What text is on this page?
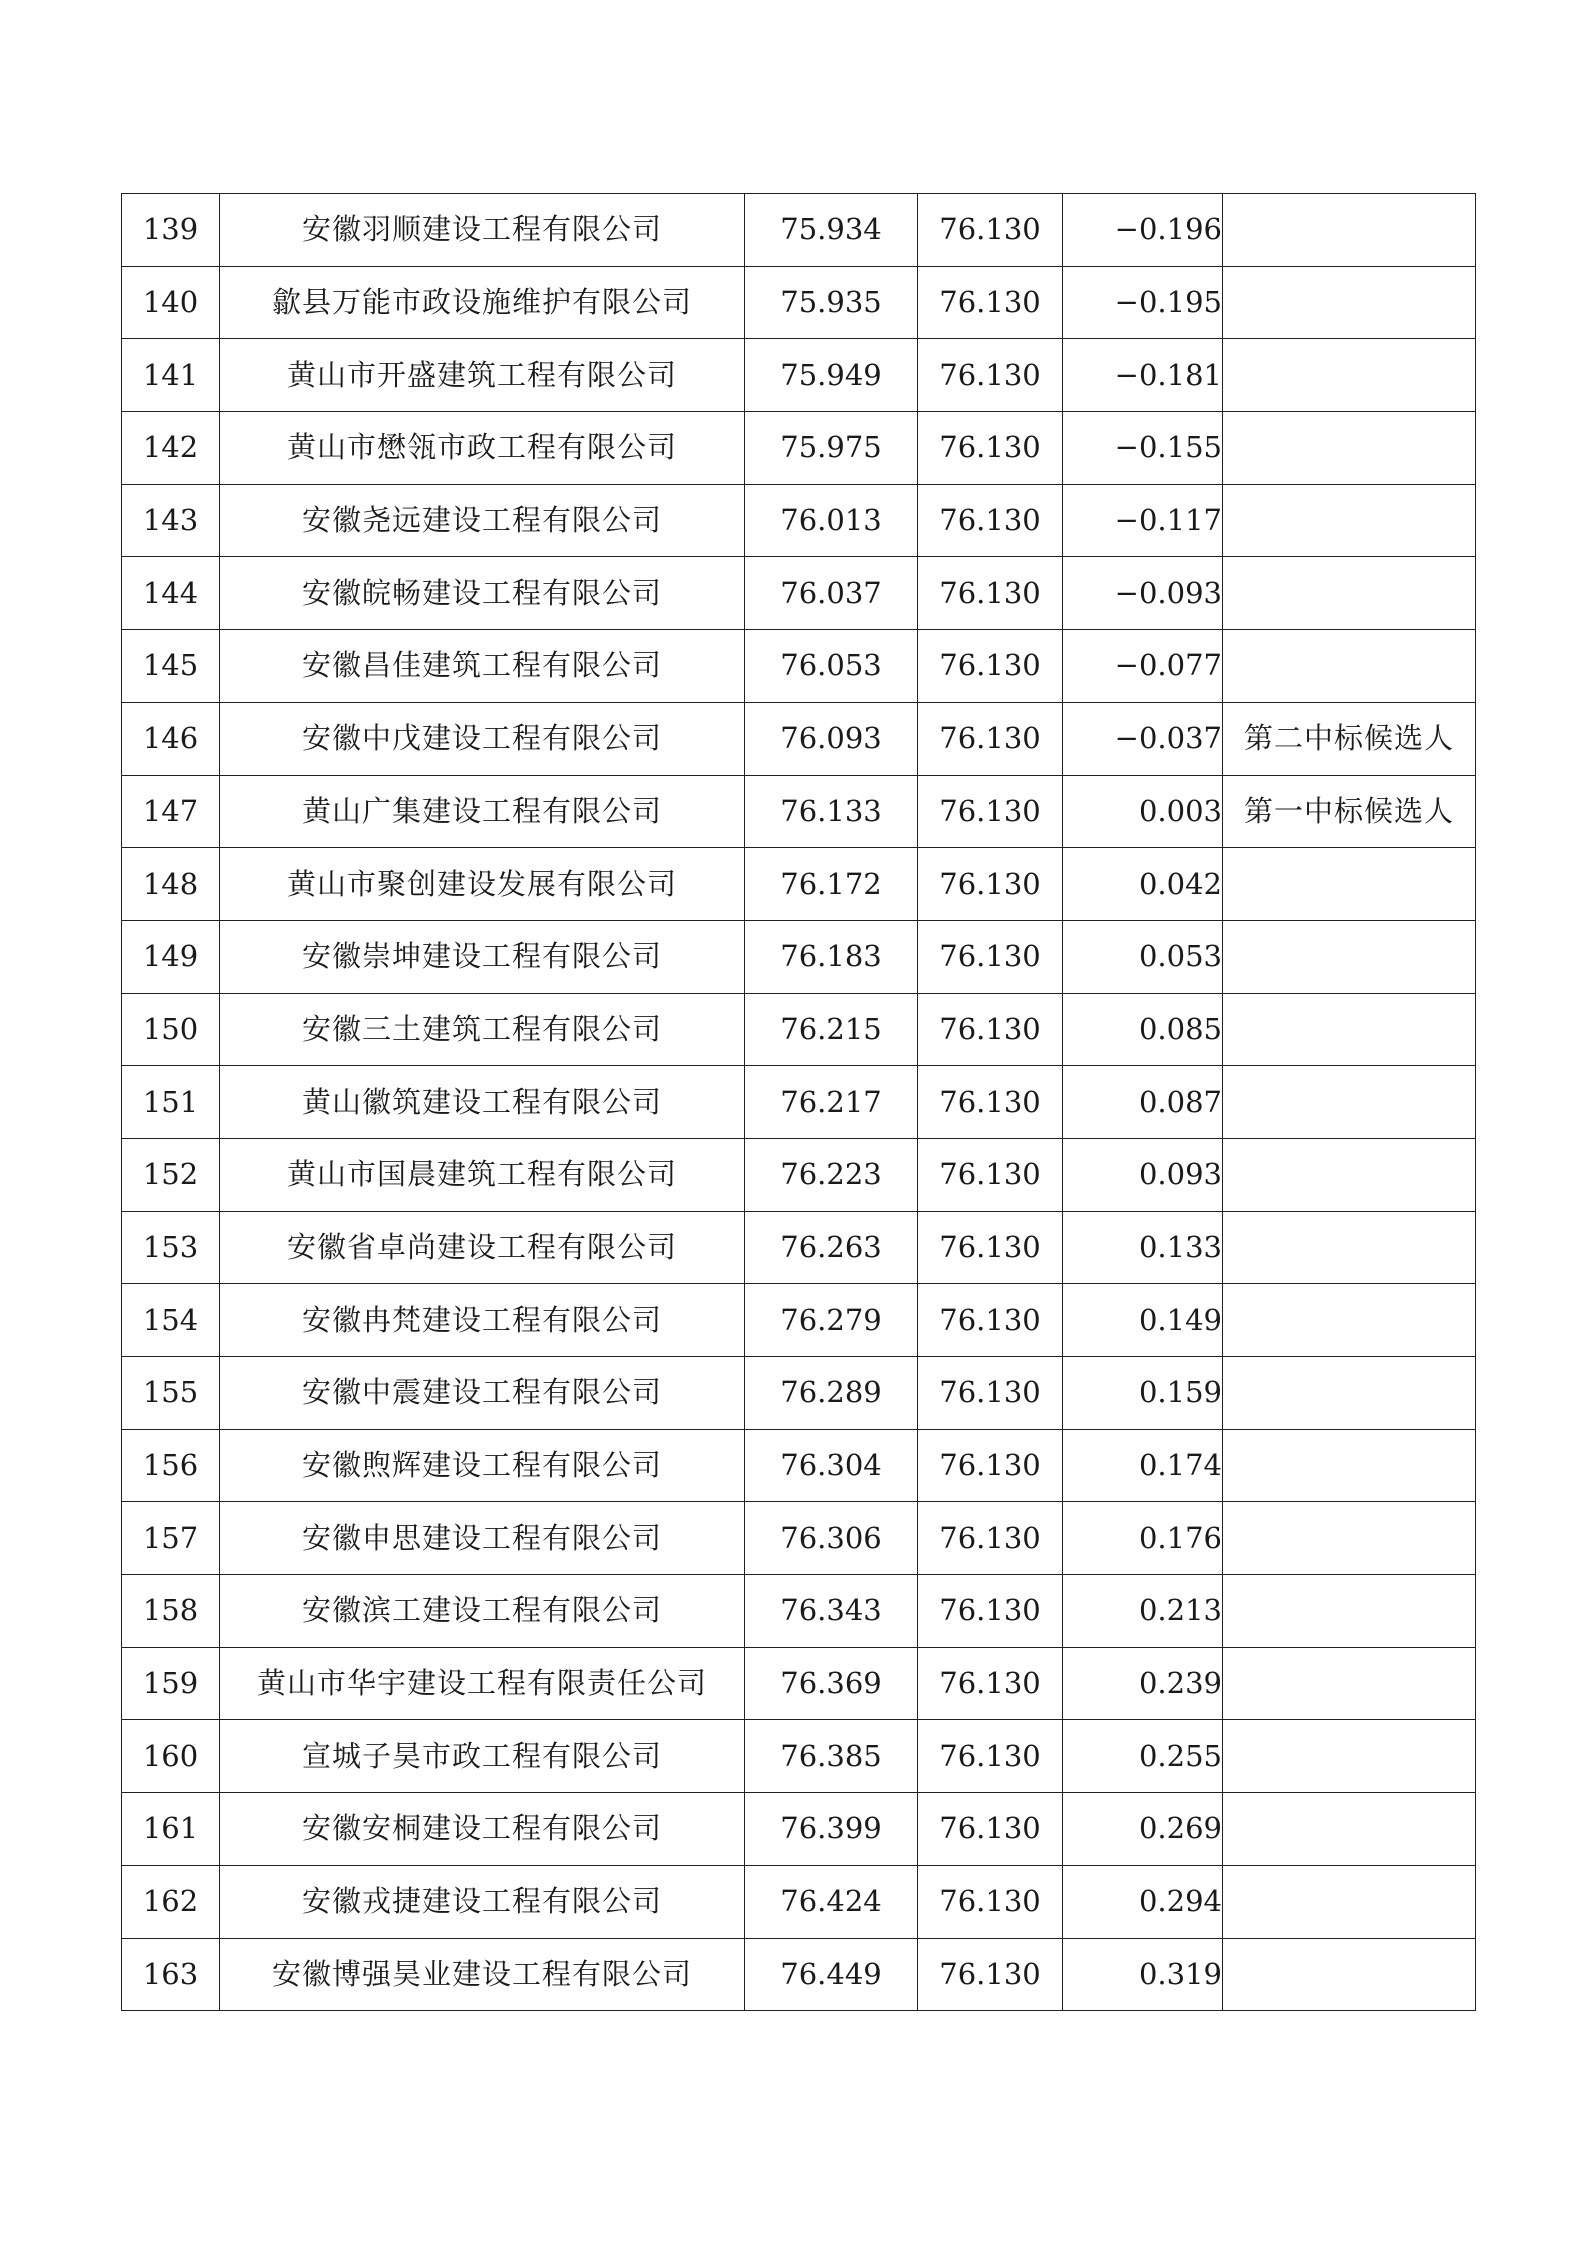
139	安徽羽顺建设工程有限公司	75.934	76.130	−0.196	
140	歙县万能市政设施维护有限公司	75.935	76.130	−0.195	
141	黄山市开盛建筑工程有限公司	75.949	76.130	−0.181	
142	黄山市懋瓴市政工程有限公司	75.975	76.130	−0.155	
143	安徽尧远建设工程有限公司	76.013	76.130	−0.117	
144	安徽皖畅建设工程有限公司	76.037	76.130	−0.093	
145	安徽昌佳建筑工程有限公司	76.053	76.130	−0.077	
146	安徽中戊建设工程有限公司	76.093	76.130	−0.037	第二中标候选人
147	黄山广集建设工程有限公司	76.133	76.130	0.003	第一中标候选人
148	黄山市聚创建设发展有限公司	76.172	76.130	0.042	
149	安徽崇坤建设工程有限公司	76.183	76.130	0.053	
150	安徽三土建筑工程有限公司	76.215	76.130	0.085	
151	黄山徽筑建设工程有限公司	76.217	76.130	0.087	
152	黄山市国晨建筑工程有限公司	76.223	76.130	0.093	
153	安徽省卓尚建设工程有限公司	76.263	76.130	0.133	
154	安徽冉梵建设工程有限公司	76.279	76.130	0.149	
155	安徽中震建设工程有限公司	76.289	76.130	0.159	
156	安徽煦辉建设工程有限公司	76.304	76.130	0.174	
157	安徽申思建设工程有限公司	76.306	76.130	0.176	
158	安徽滨工建设工程有限公司	76.343	76.130	0.213	
159	黄山市华宇建设工程有限责任公司	76.369	76.130	0.239	
160	宣城子昊市政工程有限公司	76.385	76.130	0.255	
161	安徽安桐建设工程有限公司	76.399	76.130	0.269	
162	安徽戎捷建设工程有限公司	76.424	76.130	0.294	
163	安徽博强昊业建设工程有限公司	76.449	76.130	0.319	
